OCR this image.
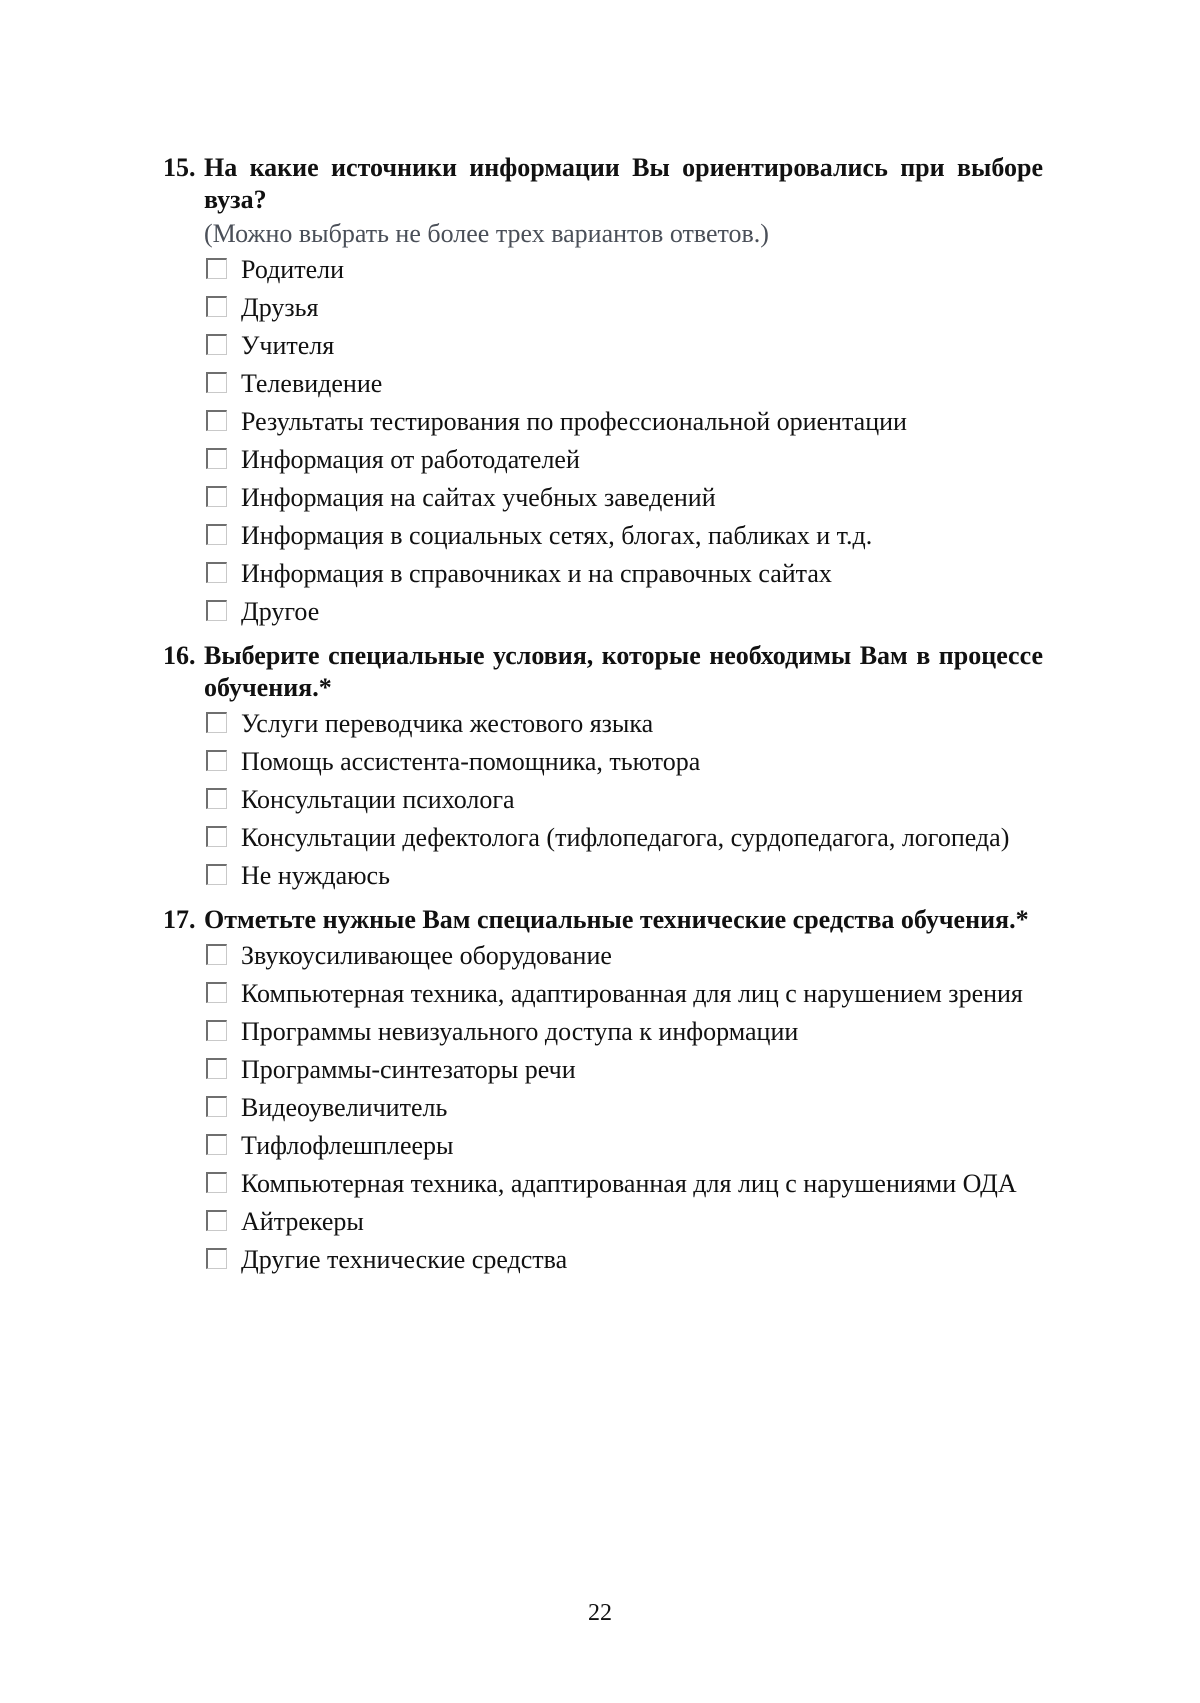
15. На какие источники информации Вы ориентировались при выборе вуза?
(Можно выбрать не более трех вариантов ответов.)
Родители
Друзья
Учителя
Телевидение
Результаты тестирования по профессиональной ориентации
Информация от работодателей
Информация на сайтах учебных заведений
Информация в социальных сетях, блогах, пабликах и т.д.
Информация в справочниках и на справочных сайтах
Другое
16. Выберите специальные условия, которые необходимы Вам в процессе обучения.*
Услуги переводчика жестового языка
Помощь ассистента-помощника, тьютора
Консультации психолога
Консультации дефектолога (тифлопедагога, сурдопедагога, логопеда)
Не нуждаюсь
17. Отметьте нужные Вам специальные технические средства обучения.*
Звукоусиливающее оборудование
Компьютерная техника, адаптированная для лиц с нарушением зрения
Программы невизуального доступа к информации
Программы-синтезаторы речи
Видеоувеличитель
Тифлофлешплееры
Компьютерная техника, адаптированная для лиц с нарушениями ОДА
Айтрекеры
Другие технические средства
22
